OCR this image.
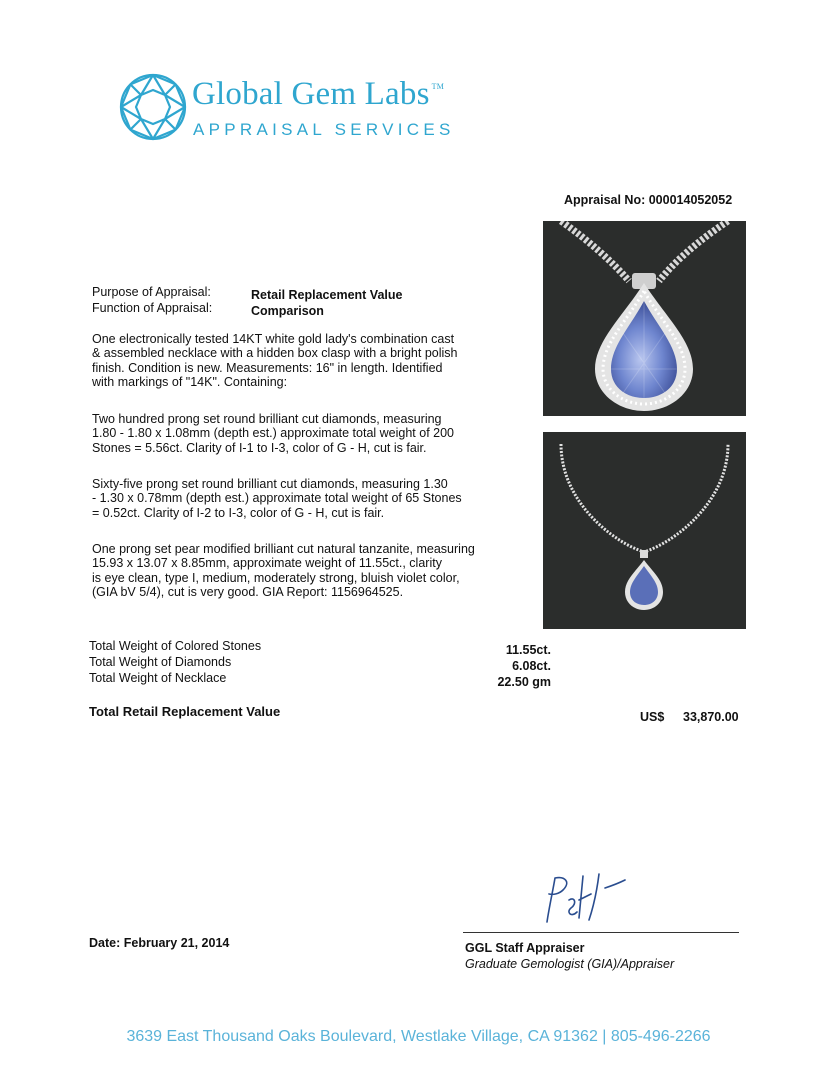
Global Gem Labs ™
APPRAISAL SERVICES
Appraisal No: 000014052052
Purpose of Appraisal:	Retail Replacement Value
Function of Appraisal:	Comparison
One electronically tested 14KT white gold lady's combination cast
& assembled necklace with a hidden box clasp with a bright polish
finish. Condition is new. Measurements: 16" in length. Identified
with markings of "14K". Containing:
Two hundred prong set round brilliant cut diamonds, measuring
1.80 - 1.80 x 1.08mm (depth est.) approximate total weight of 200
Stones = 5.56ct. Clarity of I-1 to I-3, color of G - H, cut is fair.
Sixty-five prong set round brilliant cut diamonds, measuring 1.30
- 1.30 x 0.78mm (depth est.) approximate total weight of 65 Stones
= 0.52ct. Clarity of I-2 to I-3, color of G - H, cut is fair.
One prong set pear modified brilliant cut natural tanzanite, measuring
15.93 x 13.07 x 8.85mm, approximate weight of 11.55ct., clarity
is eye clean, type I, medium, moderately strong, bluish violet color,
(GIA bV 5/4), cut is very good. GIA Report: 1156964525.
Total Weight of Colored Stones	11.55ct.
Total Weight of Diamonds	6.08ct.
Total Weight of Necklace	22.50 gm
Total Retail Replacement Value	US$ 33,870.00
Date: February 21, 2014	GGL Staff Appraiser
Graduate Gemologist (GIA)/Appraiser
3639 East Thousand Oaks Boulevard, Westlake Village, CA 91362 | 805-496-2266
